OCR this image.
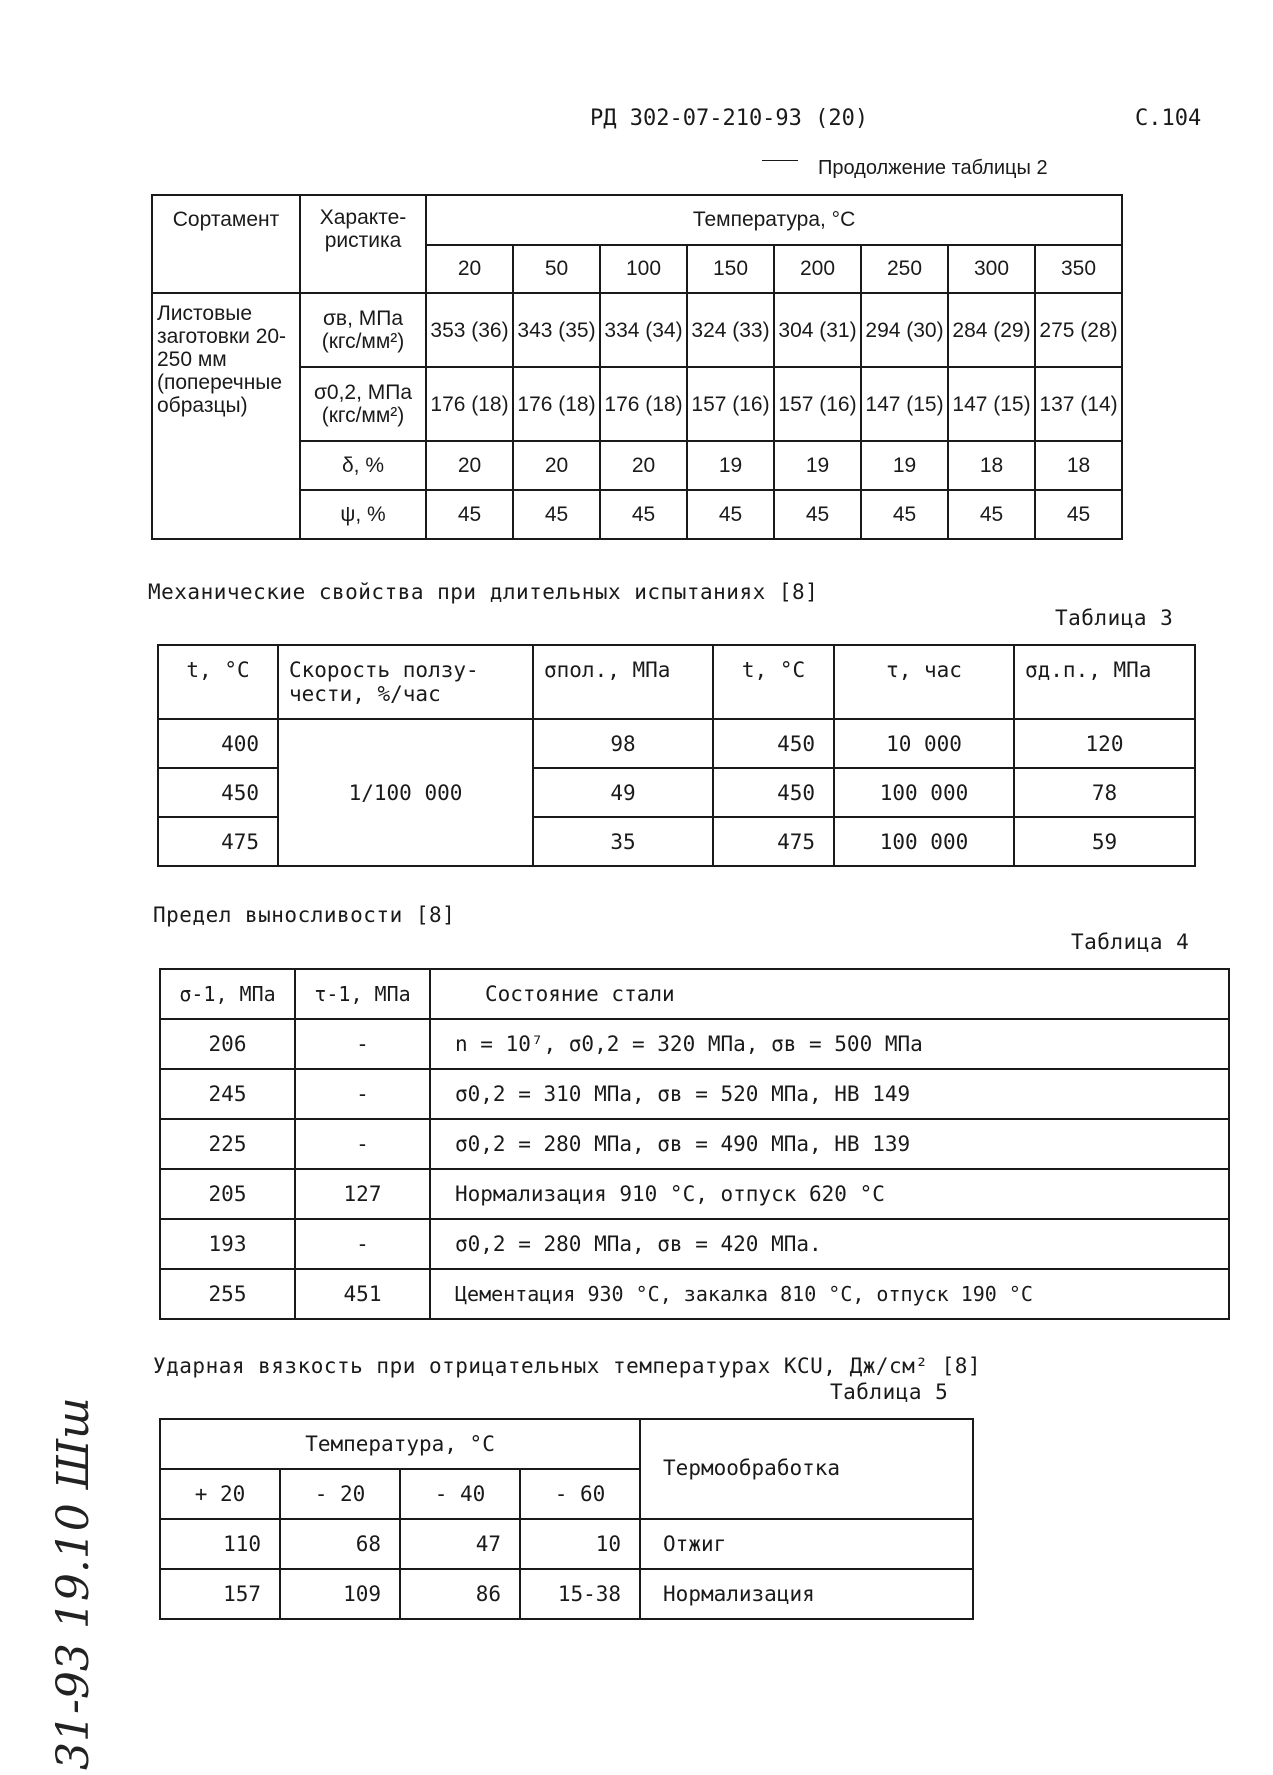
РД 302-07-210-93 (20)	С.104
Продолжение таблицы 2
Сортамент	Характе-ристика	Температура, °С							
		20	50	100	150	200	250	300	350
Листовые заготовки 20-250 мм (поперечные образцы)	σв, МПа (кгс/мм²)	353 (36)	343 (35)	334 (34)	324 (33)	304 (31)	294 (30)	284 (29)	275 (28)
	σ0,2, МПа (кгс/мм²)	176 (18)	176 (18)	176 (18)	157 (16)	157 (16)	147 (15)	147 (15)	137 (14)
	δ, %	20	20	20	19	19	19	18	18
	ψ, %	45	45	45	45	45	45	45	45
Механические свойства при длительных испытаниях [8]
Таблица 3
t, °С	Скорость ползу-чести, %/час	σпол., МПа	t, °С	τ, час	σд.п., МПа
400	1/100 000	98	450	10 000	120
450		49	450	100 000	78
475		35	475	100 000	59
Предел выносливости [8]
Таблица 4
σ-1, МПа	τ-1, МПа	Состояние стали
206	-	n = 10⁷, σ0,2 = 320 МПа, σв = 500 МПа
245	-	σ0,2 = 310 МПа, σв = 520 МПа, НВ 149
225	-	σ0,2 = 280 МПа, σв = 490 МПа, НВ 139
205	127	Нормализация 910 °С, отпуск 620 °С
193	-	σ0,2 = 280 МПа, σв = 420 МПа.
255	451	Цементация 930 °С, закалка 810 °С, отпуск 190 °С
Ударная вязкость при отрицательных температурах KCU, Дж/см² [8]
Таблица 5
Температура, °С				Термообработка
+ 20	- 20	- 40	- 60	
110	68	47	10	Отжиг
157	109	86	15-38	Нормализация
31-93 19.10 Шш
